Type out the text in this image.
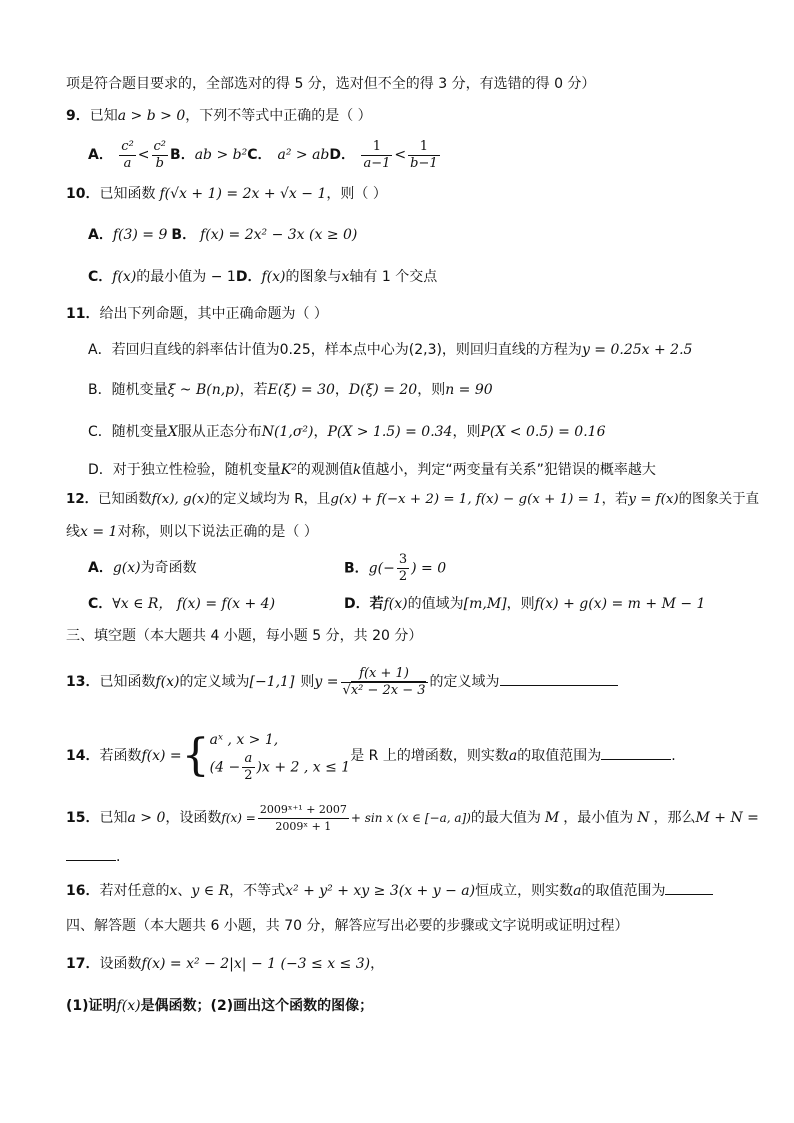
项是符合题目要求的，全部选对的得 5 分，选对但不全的得 3 分，有选错的得 0 分）
9．已知a > b > 0，下列不等式中正确的是（ ）
A． $\frac{\text{c²}}{a} < \frac{\text{c²}}{b}$ B．ab > b²C． a² > abD． $\frac{1}{a-1} < \frac{1}{b-1}$
10．已知函数 f(√x + 1) = 2x + √x − 1，则（ ）
A．f(3) = 9 B． f(x) = 2x² − 3x (x ≥ 0)
C．f(x)的最小值为 − 1D．f(x)的图象与x轴有 1 个交点
11．给出下列命题，其中正确命题为（ ）
A．若回归直线的斜率估计值为0.25，样本点中心为(2,3)，则回归直线的方程为y = 0.25x + 2.5
B．随机变量ξ ~ B(n,p)，若E(ξ) = 30，D(ξ) = 20，则n = 90
C．随机变量X服从正态分布N(1,σ²)，P(X > 1.5) = 0.34，则P(X < 0.5) = 0.16
D．对于独立性检验，随机变量K²的观测值k值越小，判定“两变量有关系”犯错误的概率越大
12．已知函数f(x), g(x)的定义域均为 R，且g(x) + f(−x + 2) = 1, f(x) − g(x + 1) = 1，若y = f(x)的图象关于直
线x = 1对称，则以下说法正确的是（ ）
A．g(x)为奇函数	B．$g(- \frac{3}{2}$ ) = 0
C．∀x ∈ R， f(x) = f(x + 4)	D．若f(x)的值域为[m,M]，则f(x) + g(x) = m + M − 1
三、填空题（本大题共 4 小题，每小题 5 分，共 20 分）
13．已知函数f(x)的定义域为[−1,1] 则$y = \frac{f(x + 1)}{\text{√x² − 2x − 3}}$ 的定义域为
14．若函数f(x) ={ aˣ , x > 1,
$(4 - \frac{a}{2} )x + 2$ , x ≤ 1
是 R 上的增函数，则实数a的取值范围为	.
15．已知a > 0，设函数$f(x) = \frac{\text{2009ˣ⁺¹ + 2007}}{\text{2009ˣ + 1}} + \sin x$ (x ∈ [−a, a])的最大值为 M ，最小值为 N ，那么M + N =
.
16．若对任意的x、y ∈ R，不等式x² + y² + xy ≥ 3(x + y − a)恒成立，则实数a的取值范围为
四、解答题（本大题共 6 小题，共 70 分，解答应写出必要的步骤或文字说明或证明过程）
17．设函数f(x) = x² − 2|x| − 1 (−3 ≤ x ≤ 3)，
(1)证明f(x)是偶函数；(2)画出这个函数的图像；
